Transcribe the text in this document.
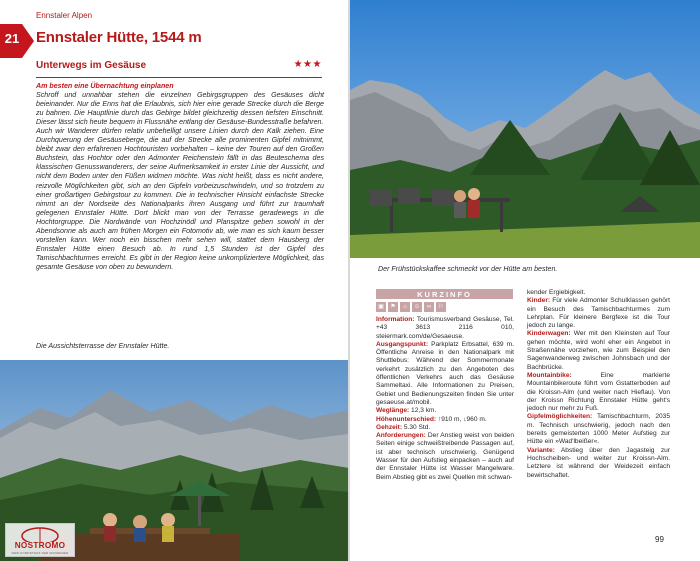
Ennstaler Alpen
21	Ennstaler Hütte, 1544 m
Unterwegs im Gesäuse	★★★
Am besten eine Übernachtung einplanen

Schroff und unnahbar stehen die einzelnen Gebirgsgruppen des Gesäuses dicht beieinander. Nur die Enns hat die Erlaubnis, sich hier eine gerade Strecke durch die Berge zu bahnen. Die Hauptlinie durch das Gebirge bildet gleichzeitig dessen tiefsten Einschnitt. Dieser lässt sich heute bequem in Flussnähe entlang der Gesäuse-Bundesstraße befahren.

Auch wir Wanderer dürfen relativ unbehelligt unsere Linien durch den Kalk ziehen. Eine Durchquerung der Gesäuseberge, die auf der Strecke alle prominenten Gipfel mitnimmt, bleibt zwar den erfahrenen Hochtouristen vorbehalten – keine der Touren auf den Großen Buchstein, das Hochtor oder den Admonter Reichenstein fällt in das Beuteschema des klassischen Genusswanderers, der seine Aufmerksamkeit in erster Linie der Aussicht, und nicht dem Boden unter den Füßen widmen möchte. Was nicht heißt, dass es nicht andere, reizvolle Möglichkeiten gibt, sich an den Gipfeln vorbeizuschwindeln, und so trotzdem zu einer großartigen Gebirgstour zu kommen. Die in technischer Hinsicht einfachste Strecke nimmt an der Nordseite des Nationalparks ihren Ausgang und führt zur traumhaft gelegenen Ennstaler Hütte. Dort blickt man von der Terrasse geradewegs in die Hochtorgruppe. Die Nordwände von Hochzinödl und Planspitze geben sowohl in der Abendsonne als auch am frühen Morgen ein Fotomotiv ab, wie man es sich kaum besser vorstellen kann. Wer noch ein bisschen mehr sehen will, stattet dem Hausberg der Ennstaler Hütte einen Besuch ab. In rund 1,5 Stunden ist der Gipfel des Tamischbachturmes erreicht. Es gibt in der Region keine unkompliziertere Möglichkeit, das gesamte Gesäuse von oben zu bewundern.

Die Aussichtsterrasse der Ennstaler Hütte.
NOSTROMO
WEB-KOMPETENZ DER WANDERER
Der Frühstückskaffee schmeckt vor der Hütte am besten.
KURZINFO
▣	⚑	⌂	☺	∞	⚐

Information: Tourismusverband Gesäuse, Tel. +43 3613 2116 010, steiermark.com/de/Gesaeuse.

Ausgangspunkt: Parkplatz Erbsattel, 639 m. Öffentliche Anreise in den Nationalpark mit Shuttlebus: Während der Sommermonate verkehrt zusätzlich zu den Angeboten des öffentlichen Verkehrs auch das Gesäuse Sammeltaxi. Alle Informationen zu Preisen, Gebiet und Bedienungszeiten finden Sie unter gesaeuse.at/mobil.

Weglänge: 12,3 km.

Höhenunterschied: ↑910 m, ↓960 m.

Gehzeit: 5.30 Std.

Anforderungen: Der Anstieg weist von beiden Seiten einige schweißtreibende Passagen auf, ist aber technisch unschwierig. Genügend Wasser für den Aufstieg einpacken – auch auf der Ennstaler Hütte ist Wasser Mangelware. Beim Abstieg gibt es zwei Quellen mit schwan-

kender Ergiebigkeit.

Kinder: Für viele Admonter Schulklassen gehört ein Besuch des Tamischbachturmes zum Lehrplan. Für kleinere Bergfexe ist die Tour jedoch zu lange.

Kinderwagen: Wer mit den Kleinsten auf Tour gehen möchte, wird wohl eher ein Angebot in Straßennähe vorziehen, wie zum Beispiel den Sagenwanderweg zwischen Johnsbach und der Bachbrücke.

Mountainbike: Eine markierte Mountainbikeroute führt vom Gstatterboden auf die Kroissn-Alm (und weiter nach Hieflau). Von der Kroissn Richtung Ennstaler Hütte geht's jedoch nur mehr zu Fuß.

Gipfelmöglichkeiten: Tamischbachturm, 2035 m. Technisch unschwierig, jedoch nach den bereits gemeisterten 1000 Meter Aufstieg zur Hütte ein »Wad'lbeißer«.

Variante: Abstieg über den Jagasteig zur Hochscheiben- und weiter zur Kroissn-Alm. Letztere ist während der Weidezeit einfach bewirtschaftet.

99
